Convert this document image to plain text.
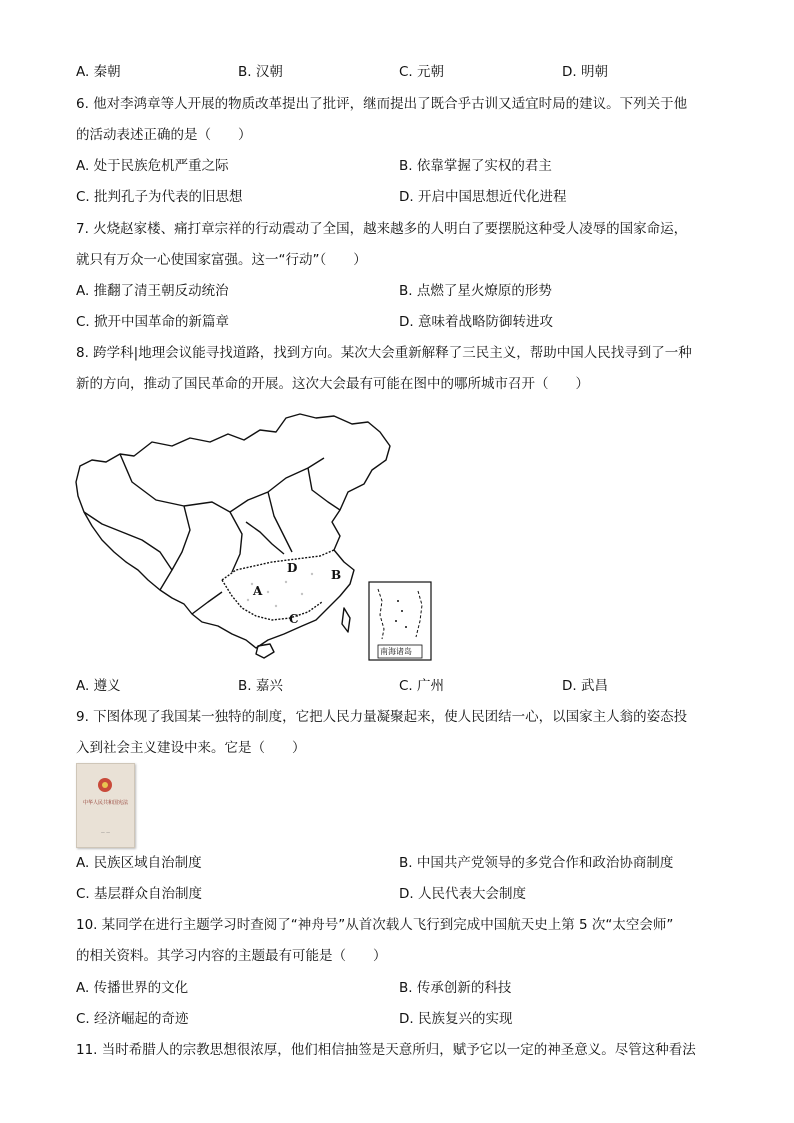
A. 秦朝	B. 汉朝	C. 元朝	D. 明朝
6. 他对李鸿章等人开展的物质改革提出了批评，继而提出了既合乎古训又适宜时局的建议。下列关于他
的活动表述正确的是（　　）
A. 处于民族危机严重之际	B. 依靠掌握了实权的君主
C. 批判孔子为代表的旧思想	D. 开启中国思想近代化进程
7. 火烧赵家楼、痛打章宗祥的行动震动了全国，越来越多的人明白了要摆脱这种受人凌辱的国家命运，
就只有万众一心使国家富强。这一“行动”（　　）
A. 推翻了清王朝反动统治	B. 点燃了星火燎原的形势
C. 掀开中国革命的新篇章	D. 意味着战略防御转进攻
8. 跨学科|地理会议能寻找道路，找到方向。某次大会重新解释了三民主义，帮助中国人民找寻到了一种
新的方向，推动了国民革命的开展。这次大会最有可能在图中的哪所城市召开（　　）
A
B
C
D
南海诸岛
A. 遵义	B. 嘉兴	C. 广州	D. 武昌
9. 下图体现了我国某一独特的制度，它把人民力量凝聚起来，使人民团结一心，以国家主人翁的姿态投
入到社会主义建设中来。它是（　　）
中华人民共和国宪法
— —
A. 民族区域自治制度	B. 中国共产党领导的多党合作和政治协商制度
C. 基层群众自治制度	D. 人民代表大会制度
10. 某同学在进行主题学习时查阅了“神舟号”从首次载人飞行到完成中国航天史上第 5 次“太空会师”
的相关资料。其学习内容的主题最有可能是（　　）
A. 传播世界的文化	B. 传承创新的科技
C. 经济崛起的奇迹	D. 民族复兴的实现
11. 当时希腊人的宗教思想很浓厚，他们相信抽签是天意所归，赋予它以一定的神圣意义。尽管这种看法
